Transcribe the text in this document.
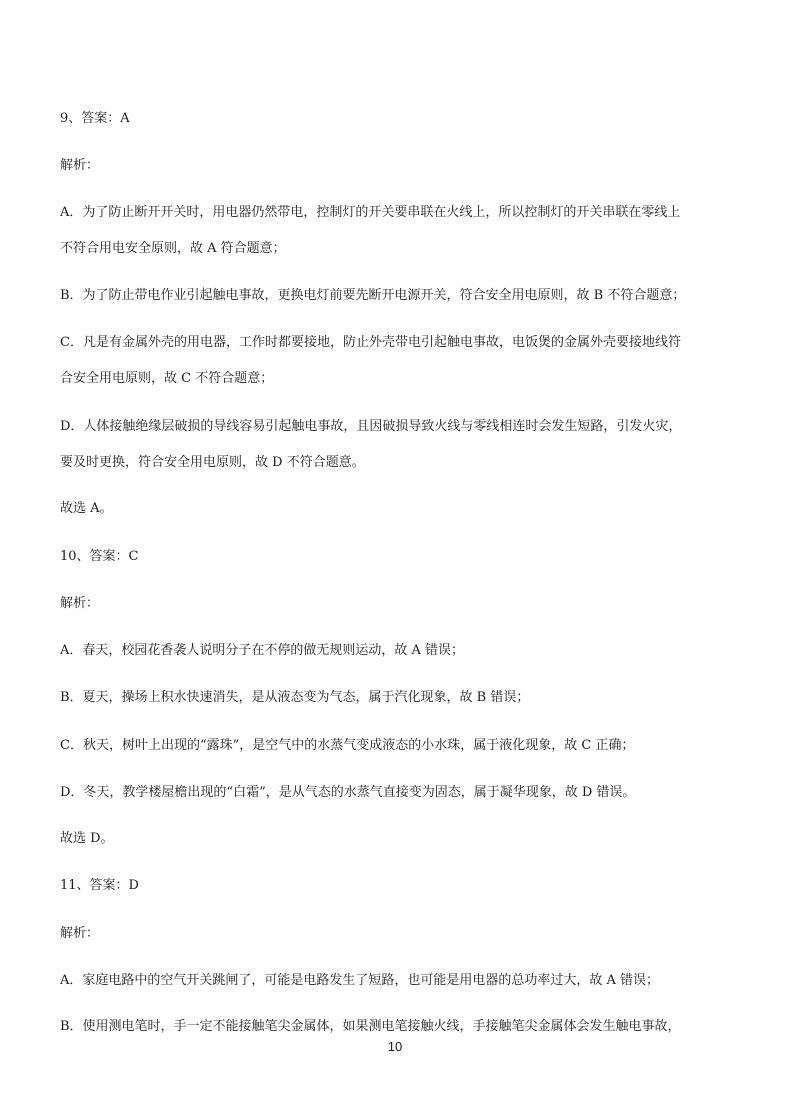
9、答案：A
解析：
A．为了防止断开开关时，用电器仍然带电，控制灯的开关要串联在火线上，所以控制灯的开关串联在零线上
不符合用电安全原则，故 A 符合题意；
B．为了防止带电作业引起触电事故，更换电灯前要先断开电源开关，符合安全用电原则，故 B 不符合题意；
C．凡是有金属外壳的用电器，工作时都要接地，防止外壳带电引起触电事故，电饭煲的金属外壳要接地线符
合安全用电原则，故 C 不符合题意；
D．人体接触绝缘层破损的导线容易引起触电事故，且因破损导致火线与零线相连时会发生短路，引发火灾，
要及时更换，符合安全用电原则，故 D 不符合题意。
故选 A。
10、答案：C
解析：
A．春天，校园花香袭人说明分子在不停的做无规则运动，故 A 错误；
B．夏天，操场上积水快速消失，是从液态变为气态，属于汽化现象，故 B 错误；
C．秋天，树叶上出现的“露珠”，是空气中的水蒸气变成液态的小水珠，属于液化现象，故 C 正确；
D．冬天，教学楼屋檐出现的“白霜”，是从气态的水蒸气直接变为固态，属于凝华现象，故 D 错误。
故选 D。
11、答案：D
解析：
A．家庭电路中的空气开关跳闸了，可能是电路发生了短路，也可能是用电器的总功率过大，故 A 错误；
B．使用测电笔时，手一定不能接触笔尖金属体，如果测电笔接触火线，手接触笔尖金属体会发生触电事故，
10
